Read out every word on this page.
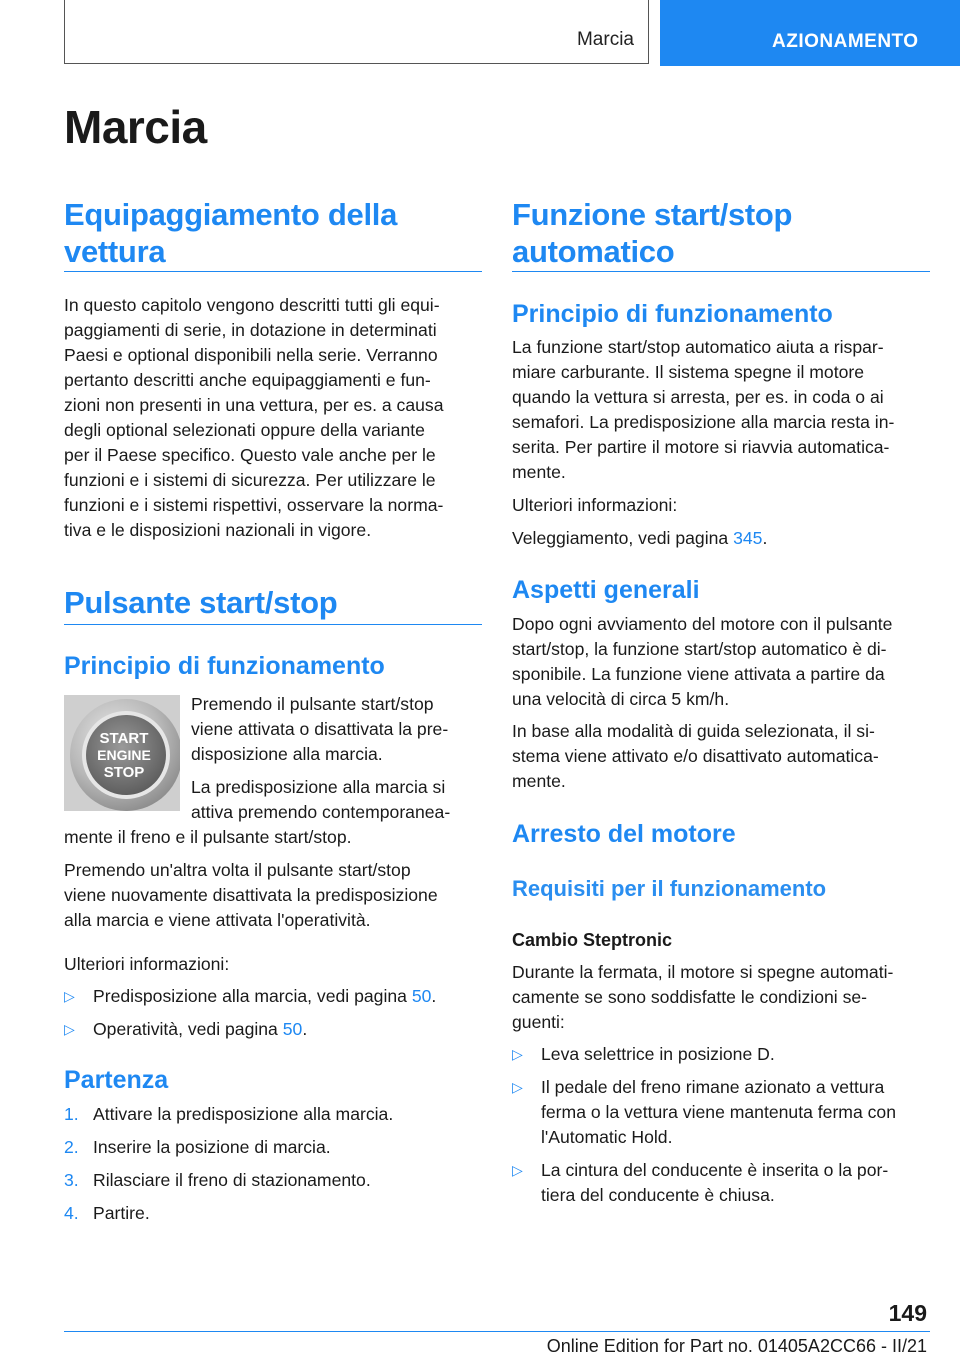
Marcia	AZIONAMENTO
Marcia
Equipaggiamento della
vettura

In questo capitolo vengono descritti tutti gli equi-
paggiamenti di serie, in dotazione in determinati
Paesi e optional disponibili nella serie. Verranno
pertanto descritti anche equipaggiamenti e fun-
zioni non presenti in una vettura, per es. a causa
degli optional selezionati oppure della variante
per il Paese specifico. Questo vale anche per le
funzioni e i sistemi di sicurezza. Per utilizzare le
funzioni e i sistemi rispettivi, osservare la norma-
tiva e le disposizioni nazionali in vigore.

Pulsante start/stop
Principio di funzionamento
START
ENGINE
STOP

Premendo il pulsante start/stop
viene attivata o disattivata la pre-
disposizione alla marcia.

La predisposizione alla marcia si
attiva premendo contemporanea-

mente il freno e il pulsante start/stop.

Premendo un'altra volta il pulsante start/stop
viene nuovamente disattivata la predisposizione
alla marcia e viene attivata l'operatività.

Ulteriori informazioni:

▷ Predisposizione alla marcia, vedi pagina 50.
▷ Operatività, vedi pagina 50.
Partenza
1. Attivare la predisposizione alla marcia.
2. Inserire la posizione di marcia.
3. Rilasciare il freno di stazionamento.
4. Partire.
Funzione start/stop
automatico
Principio di funzionamento

La funzione start/stop automatico aiuta a rispar-
miare carburante. Il sistema spegne il motore
quando la vettura si arresta, per es. in coda o ai
semafori. La predisposizione alla marcia resta in-
serita. Per partire il motore si riavvia automatica-
mente.

Ulteriori informazioni:

Veleggiamento, vedi pagina 345.

Aspetti generali

Dopo ogni avviamento del motore con il pulsante
start/stop, la funzione start/stop automatico è di-
sponibile. La funzione viene attivata a partire da
una velocità di circa 5 km/h.

In base alla modalità di guida selezionata, il si-
stema viene attivato e/o disattivato automatica-
mente.

Arresto del motore
Requisiti per il funzionamento
Cambio Steptronic

Durante la fermata, il motore si spegne automati-
camente se sono soddisfatte le condizioni se-
guenti:

▷ Leva selettrice in posizione D.
▷ Il pedale del freno rimane azionato a vettura
ferma o la vettura viene mantenuta ferma con
l'Automatic Hold.
▷ La cintura del conducente è inserita o la por-
tiera del conducente è chiusa.
149
Online Edition for Part no. 01405A2CC66 - II/21
